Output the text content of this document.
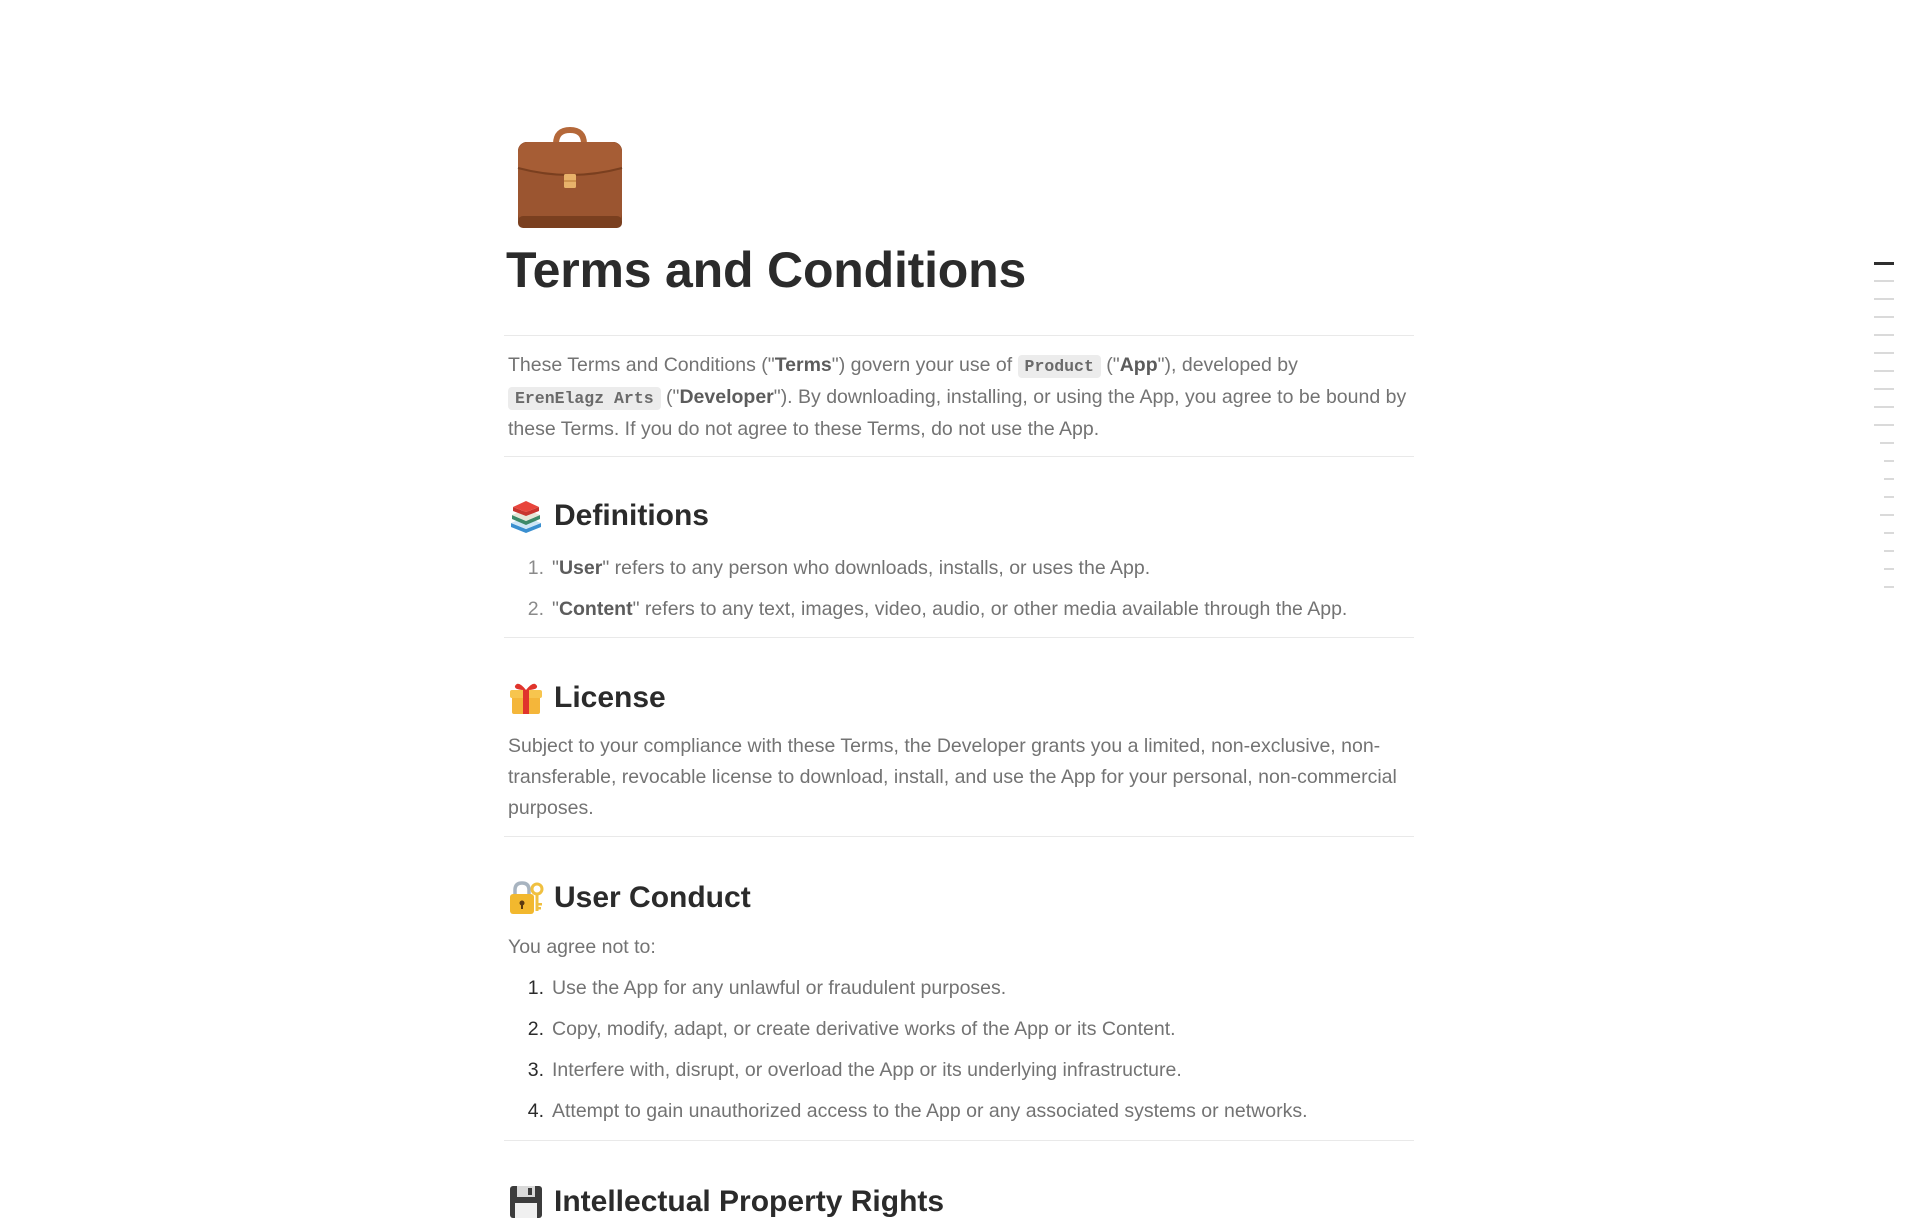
Terms and Conditions

These Terms and Conditions ("Terms") govern your use of Product ("App"), developed by
ErenElagz Arts ("Developer"). By downloading, installing, or using the App, you agree to be bound by these Terms. If you do not agree to these Terms, do not use the App.

Definitions
1. "User" refers to any person who downloads, installs, or uses the App.
2. "Content" refers to any text, images, video, audio, or other media available through the App.
License

Subject to your compliance with these Terms, the Developer grants you a limited, non-exclusive, non-transferable, revocable license to download, install, and use the App for your personal, non-commercial purposes.

User Conduct

You agree not to:

1. Use the App for any unlawful or fraudulent purposes.
2. Copy, modify, adapt, or create derivative works of the App or its Content.
3. Interfere with, disrupt, or overload the App or its underlying infrastructure.
4. Attempt to gain unauthorized access to the App or any associated systems or networks.
Intellectual Property Rights
